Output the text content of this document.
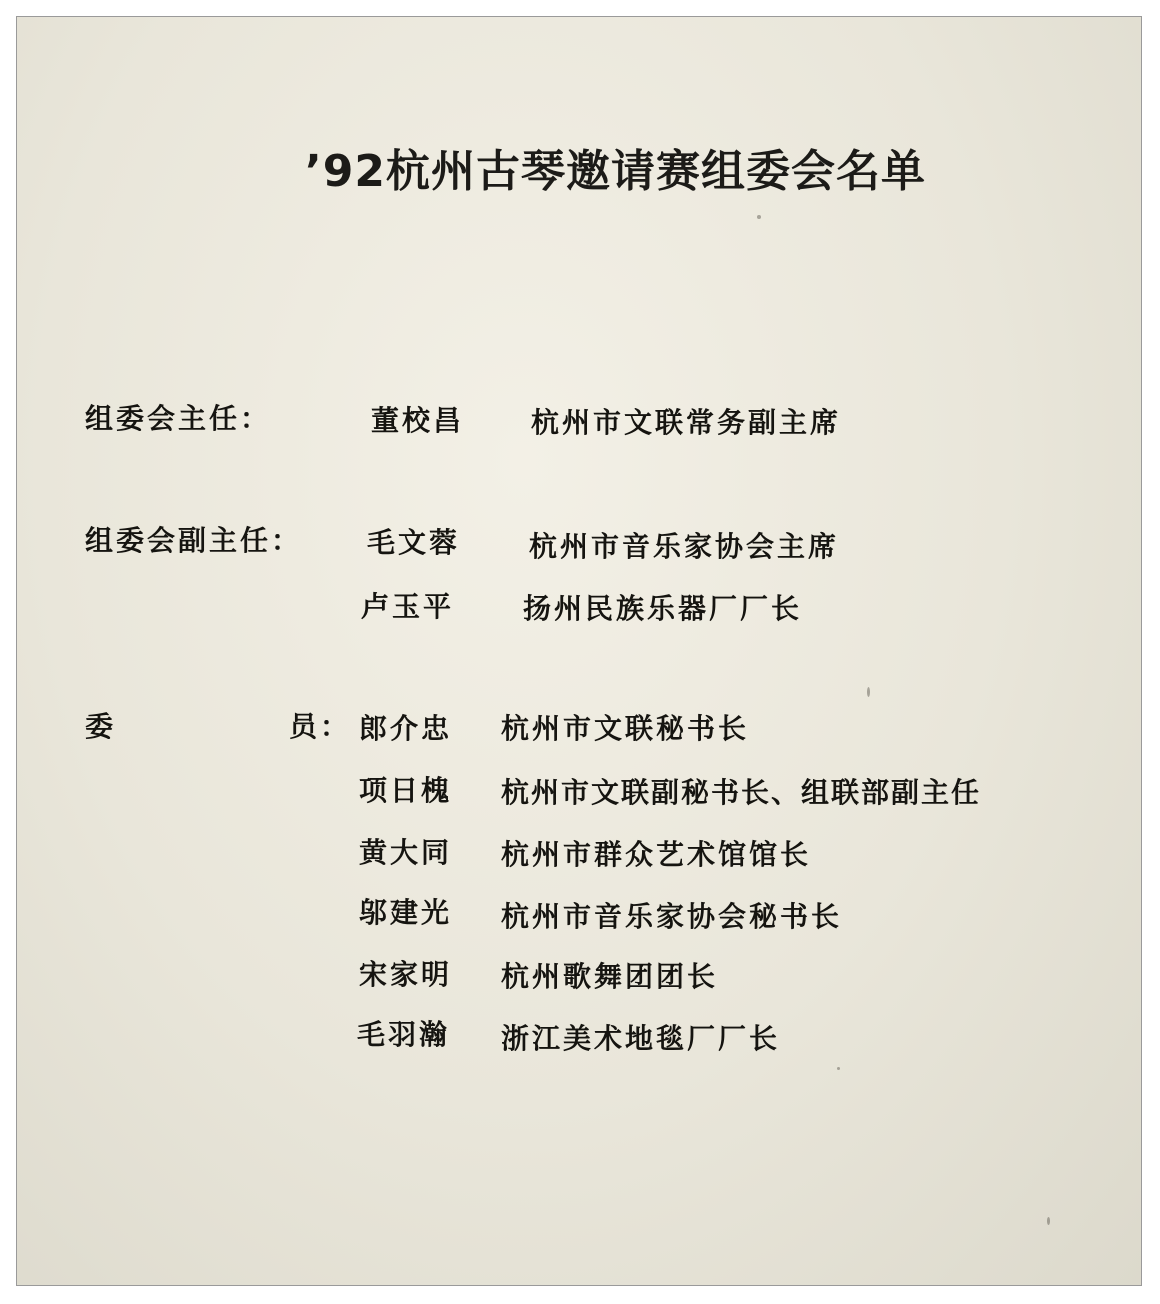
’92杭州古琴邀请赛组委会名单
组委会主任：	董校昌 杭州市文联常务副主席
组委会副主任： 毛文蓉 杭州市音乐家协会主席
卢玉平 扬州民族乐器厂厂长
委	员： 郎介忠 杭州市文联秘书长
项日槐 杭州市文联副秘书长、组联部副主任
黄大同 杭州市群众艺术馆馆长
邬建光 杭州市音乐家协会秘书长
宋家明 杭州歌舞团团长
毛羽瀚 浙江美术地毯厂厂长
